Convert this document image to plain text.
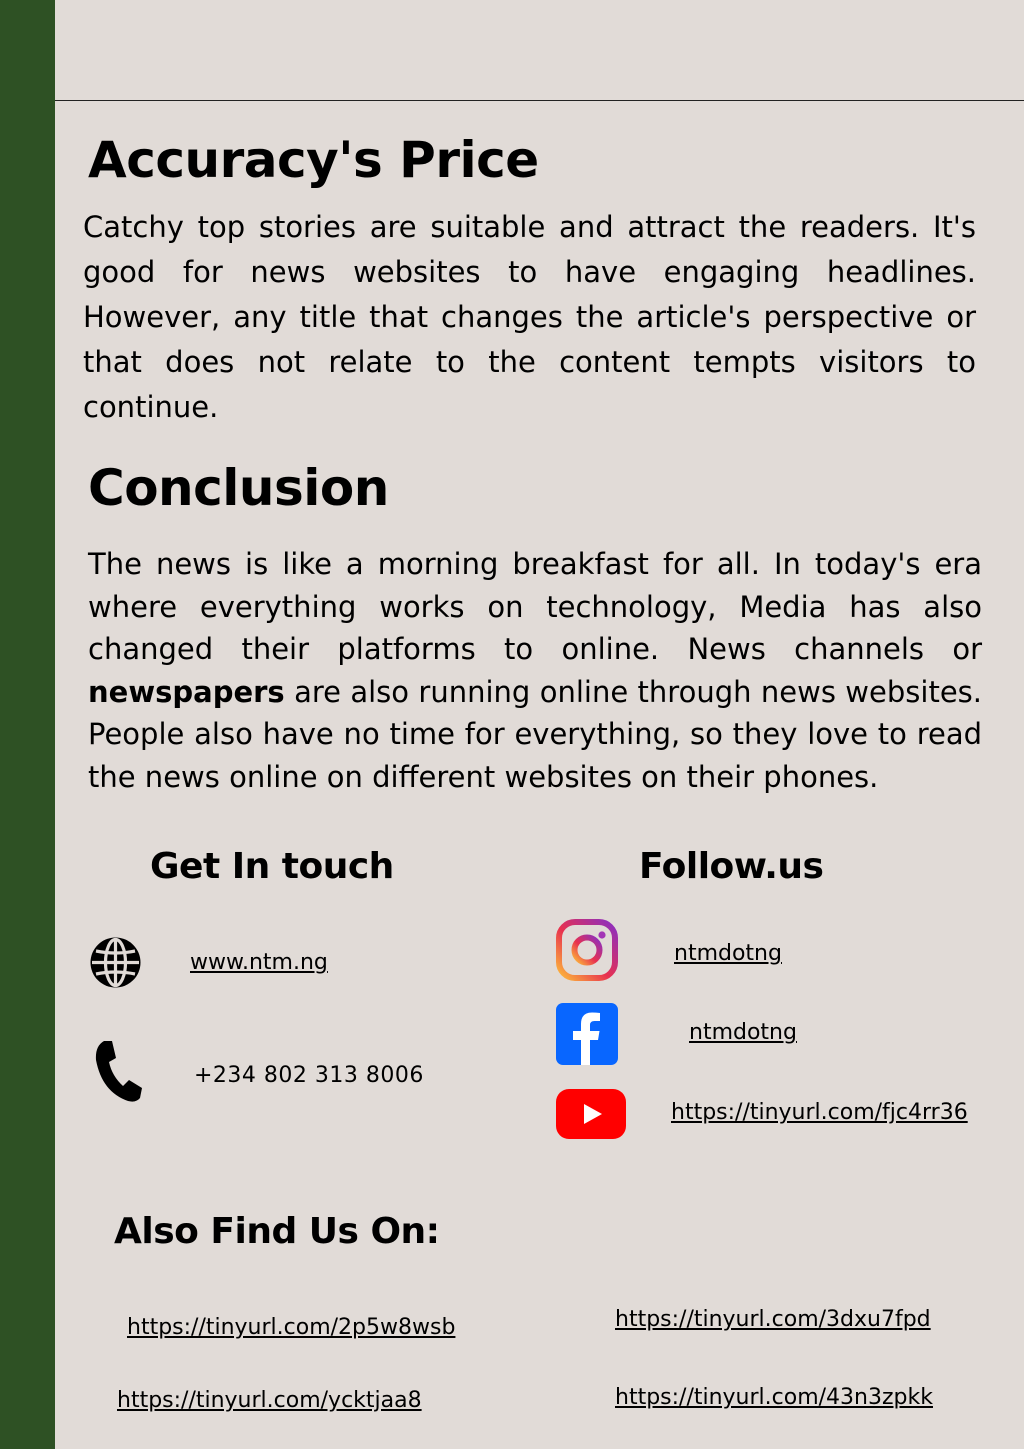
Accuracy's Price

Catchy top stories are suitable and attract the readers. It's good for news websites to have engaging headlines. However, any title that changes the article's perspective or that does not relate to the content tempts visitors to continue.

Conclusion

The news is like a morning breakfast for all. In today's era where everything works on technology, Media has also changed their platforms to online. News channels or newspapers are also running online through news websites. People also have no time for everything, so they love to read the news online on different websites on their phones.

Get In touch
www.ntm.ng
+234 802 313 8006
Follow.us
ntmdotng
ntmdotng
https://tinyurl.com/fjc4rr36
Also Find Us On:
https://tinyurl.com/2p5w8wsb	https://tinyurl.com/3dxu7fpd
https://tinyurl.com/ycktjaa8	https://tinyurl.com/43n3zpkk
